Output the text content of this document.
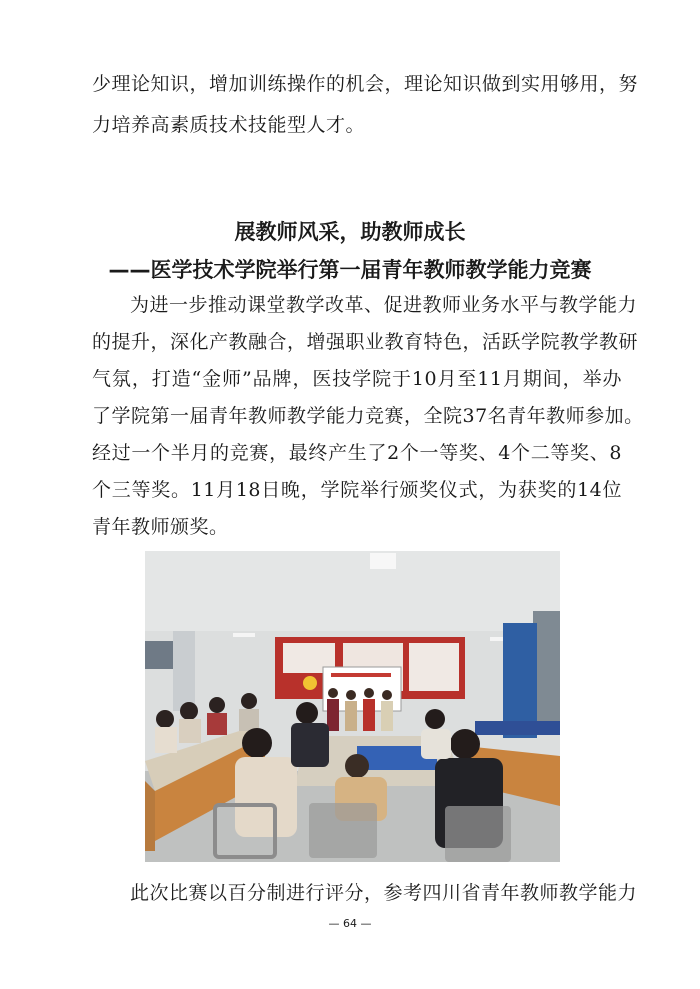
少理论知识，增加训练操作的机会，理论知识做到实用够用，努
力培养高素质技术技能型人才。
展教师风采，助教师成长
——医学技术学院举行第一届青年教师教学能力竞赛
为进一步推动课堂教学改革、促进教师业务水平与教学能力
的提升，深化产教融合，增强职业教育特色，活跃学院教学教研
气氛，打造“金师”品牌，医技学院于10月至11月期间，举办
了学院第一届青年教师教学能力竞赛，全院37名青年教师参加。
经过一个半月的竞赛，最终产生了2个一等奖、4个二等奖、8
个三等奖。11月18日晚，学院举行颁奖仪式，为获奖的14位
青年教师颁奖。
此次比赛以百分制进行评分，参考四川省青年教师教学能力
— 64 —
